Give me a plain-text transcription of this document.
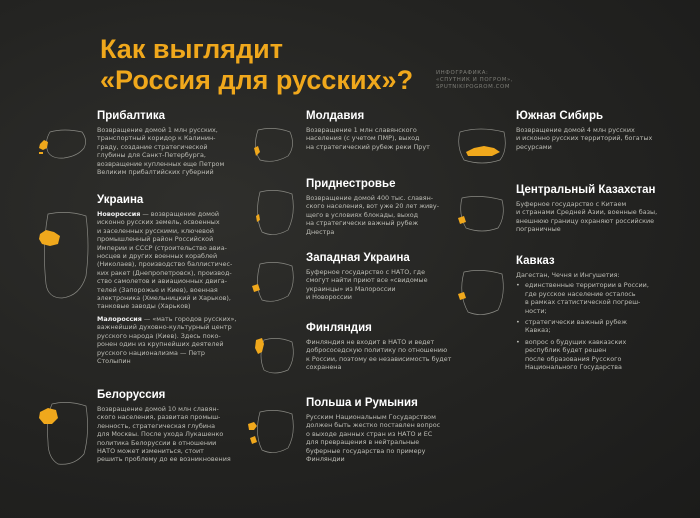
Как выглядит
«Россия для русских»?	ИНФОГРАФИКА:
«СПУТНИК И ПОГРОМ»,
SPUTNIKIPOGROM.COM
Прибалтика

Возвращение домой 1 млн русских,
транспортный коридор к Калинин-
граду, создание стратегической
глубины для Санкт-Петербурга,
возвращение купленных еще Петром
Великим прибалтийских губерний

Украина

Новороссия — возвращение домой
исконно русских земель, освоенных
и заселенных русскими, ключевой
промышленный район Российской
Империи и СССР (строительство авиа-
носцев и других военных кораблей
(Николаев), производство баллистичес-
ких ракет (Днепропетровск), производ-
ство самолетов и авиационных двига-
телей (Запорожье и Киев), военная
электроника (Хмельницкий и Харьков),
танковые заводы (Харьков)

Малороссия — «мать городов русских»,
важнейший духовно-культурный центр
русского народа (Киев). Здесь поко-
ронен один из крупнейших деятелей
русского национализма — Петр
Столыпин

Белоруссия

Возвращение домой 10 млн славян-
ского населения, развитая промыш-
ленность, стратегическая глубина
для Москвы. После ухода Лукашенко
политика Белоруссии в отношении
НАТО может измениться, стоит
решить проблему до ее возникновения

Молдавия

Возвращение 1 млн славянского
населения (с учетом ПМР), выход
на стратегический рубеж реки Прут

Приднестровье

Возвращение домой 400 тыс. славян-
ского населения, вот уже 20 лет живу-
щего в условиях блокады, выход
на стратегически важный рубеж
Днестра

Западная Украина

Буферное государство с НАТО, где
смогут найти приют все «свидомые
украинцы» из Малороссии
и Новороссии

Финляндия

Финляндия не входит в НАТО и ведет
добрососедскую политику по отношению
к России, поэтому ее независимость будет
сохранена

Польша и Румыния

Русским Национальным Государством
должен быть жестко поставлен вопрос
о выходе данных стран из НАТО и ЕС
для превращения в нейтральные
буферные государства по примеру
Финляндии

Южная Сибирь

Возвращение домой 4 млн русских
и исконно русских территорий, богатых
ресурсами

Центральный Казахстан

Буферное государство с Китаем
и странами Средней Азии, военные базы,
внешнюю границу охраняют российские
пограничные

Кавказ

Дагестан, Чечня и Ингушетия:

• единственные территории в России,
где русское население осталось
в рамках статистической погреш-
ности;
• стратегически важный рубеж
Кавказ;
• вопрос о будущих кавказских
республик будет решен
после образования Русского
Национального Государства
